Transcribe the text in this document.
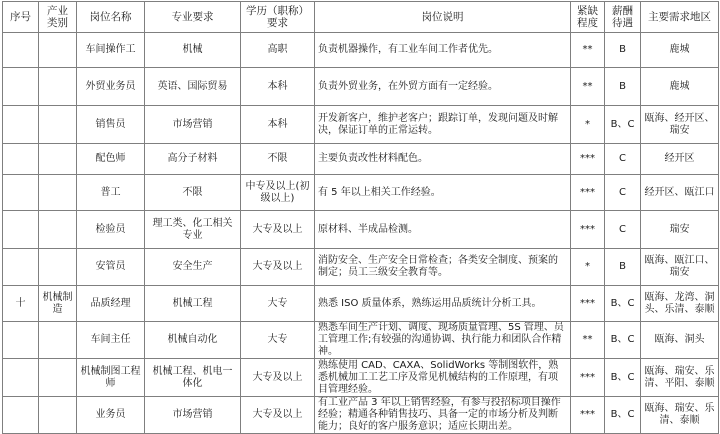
序号	产业类别	岗位名称	专业要求	学历（职称）要求	岗位说明	紧缺程度	薪酬待遇	主要需求地区
		车间操作工	机械	高职	负责机器操作，有工业车间工作者优先。	**	B	鹿城
		外贸业务员	英语、国际贸易	本科	负责外贸业务，在外贸方面有一定经验。	**	B	鹿城
		销售员	市场营销	本科	开发新客户，维护老客户；跟踪订单，发现问题及时解决，保证订单的正常运转。	*	B、C	瓯海、经开区、瑞安
		配色师	高分子材料	不限	主要负责改性材料配色。	***	C	经开区
		普工	不限	中专及以上(初级以上)	有 5 年以上相关工作经验。	***	C	经开区、瓯江口
		检验员	理工类、化工相关专业	大专及以上	原材料、半成品检测。	***	C	瑞安
		安管员	安全生产	大专及以上	消防安全、生产安全日常检查；各类安全制度、预案的制定；员工三级安全教育等。	*	B	瓯海、瓯江口、瑞安
十	机械制造	品质经理	机械工程	大专	熟悉 ISO 质量体系，熟练运用品质统计分析工具。	***	B、C	瓯海、龙湾、洞头、乐清、泰顺
		车间主任	机械自动化	大专	熟悉车间生产计划、调度、现场质量管理、5S 管理、员工管理工作;有较强的沟通协调、执行能力和团队合作精神。	**	B、C	瓯海、洞头
		机械制图工程师	机械工程、机电一体化	大专及以上	熟练使用 CAD、CAXA、SolidWorks 等制图软件，熟悉机械加工工艺工序及常见机械结构的工作原理，有项目管理经验。	***	B、C	瓯海、瑞安、乐清、平阳、泰顺
		业务员	市场营销	大专及以上	有工业产品 3 年以上销售经验，有参与投招标项目操作经验；精通各种销售技巧、具备一定的市场分析及判断能力；良好的客户服务意识；适应长期出差。	***	B、C	瓯海、瑞安、乐清、泰顺
